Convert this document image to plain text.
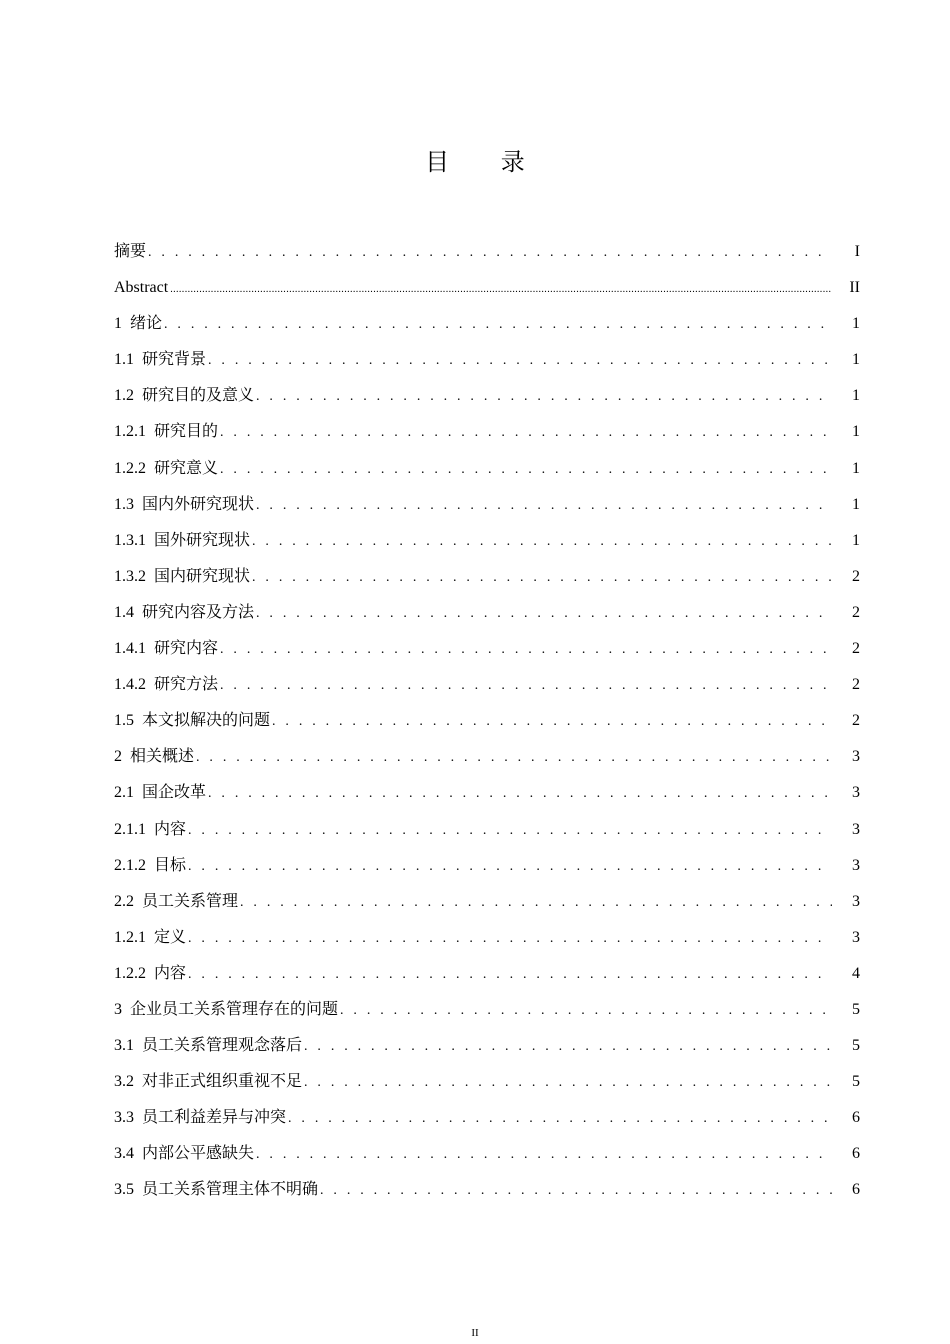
目 录
摘要 . . .	I
Abstract .....	II
1 绪论 . . .	1
1.1 研究背景 . . .	1
1.2 研究目的及意义 . . .	1
1.2.1 研究目的 . . .	1
1.2.2 研究意义 . . .	1
1.3 国内外研究现状 . . .	1
1.3.1 国外研究现状 . . .	1
1.3.2 国内研究现状 . . .	2
1.4 研究内容及方法 . . .	2
1.4.1 研究内容 . . .	2
1.4.2 研究方法 . . .	2
1.5 本文拟解决的问题 . . .	2
2 相关概述 . . .	3
2.1 国企改革 . . .	3
2.1.1 内容 . . .	3
2.1.2 目标 . . .	3
2.2 员工关系管理 . . .	3
1.2.1 定义 . . .	3
1.2.2 内容 . . .	4
3 企业员工关系管理存在的问题 . . .	5
3.1 员工关系管理观念落后 . . .	5
3.2 对非正式组织重视不足 . . .	5
3.3 员工利益差异与冲突 . . .	6
3.4 内部公平感缺失 . . .	6
3.5 员工关系管理主体不明确 . . .	6
II
